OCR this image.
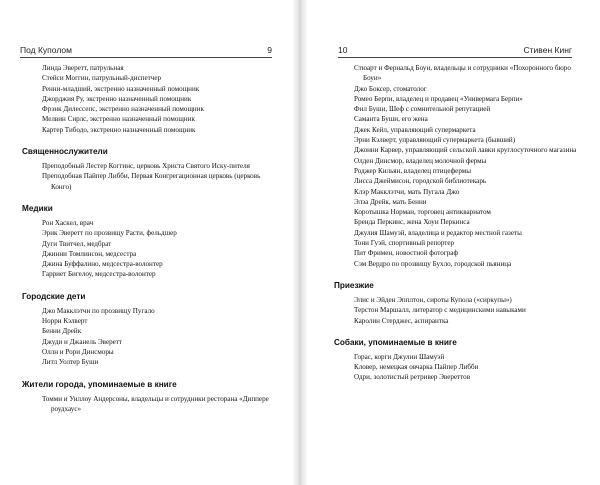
Под Куполом	9
Линда Эверетт, патрульная
Стейси Моггин, патрульный-диспетчер
Ренни-младший, экстренно назначенный помощник
Джорджия Ру, экстренно назначенный помощник
Фрэнк Дилессепс, экстренно назначенный помощник
Мелвин Сирлс, экстренно назначенный помощник
Картер Тибодо, экстренно назначенный помощник
Священнослужители
Преподобный Лестер Коггинс, церковь Христа Святого Иску-пителя
Преподобная Пайпер Либби, Первая Конгрегационная церковь (церковь Конго)
Медики
Рон Хаскел, врач
Эрик Эверетт по прозвищу Расти, фельдшер
Дуги Твитчел, медбрат
Джинни Томлинсон, медсестра
Джина Буффалино, медсестра-волонтер
Гарриет Бигелоу, медсестра-волонтер
Городские дети
Джо Макклэтчи по прозвищу Пугало
Норри Кэлверт
Бенни Дрейк
Джуди и Джанель Эверетт
Оллн и Рори Динсморы
Литл Уолтер Буши
Жители города, упоминаемые в книге
Томми и Уиллоу Андерсоны, владельцы и сотрудники ресторана «Диппере роудхаус»
10	Стивен Кинг
Стюарт и Фернальд Боуи, владельцы и сотрудники «Похоронного бюро Боуи»
Джо Боксер, стоматолог
Ромео Берпи, владелец и продавец «Универмага Берпи»
Фил Буши, Шеф с сомнительной репутацией
Саманта Буши, его жена
Джек Кейл, управляющий супермаркета
Эрни Кэлверт, управляющий супермаркета (бывший)
Джонни Карвер, управляющий сельской лавки круглосуточного магазина
Олден Динсмор, владелец молочной фермы
Роджер Кильян, владелец птицефермы
Лисса Джеймисон, городской библиотекарь
Клэр Макклэтчи, мать Пугала Джо
Элэа Дрейк, мать Бенни
Коротышка Норман, торговец антиквариатом
Бренда Перкинс, жена Хоуи Перкинса
Джулия Шамуэй, владелица и редактор местной газеты
Тони Гуэй, спортивный репортер
Пит Фримен, новостной фотограф
Сэм Вердро по прозвищу Бухло, городской пьяница
Приезжие
Элис и Эйден Эпплтон, сироты Купола («сиркупы»)
Терстон Маршалл, литератор с медицинскими навыками
Каролин Стерджес, аспирантка
Собаки, упоминаемые в книге
Горас, корги Джулии Шамуэй
Кловер, немецкая овчарка Пайпер Либби
Одри, золотистый ретривер Эвереттов
